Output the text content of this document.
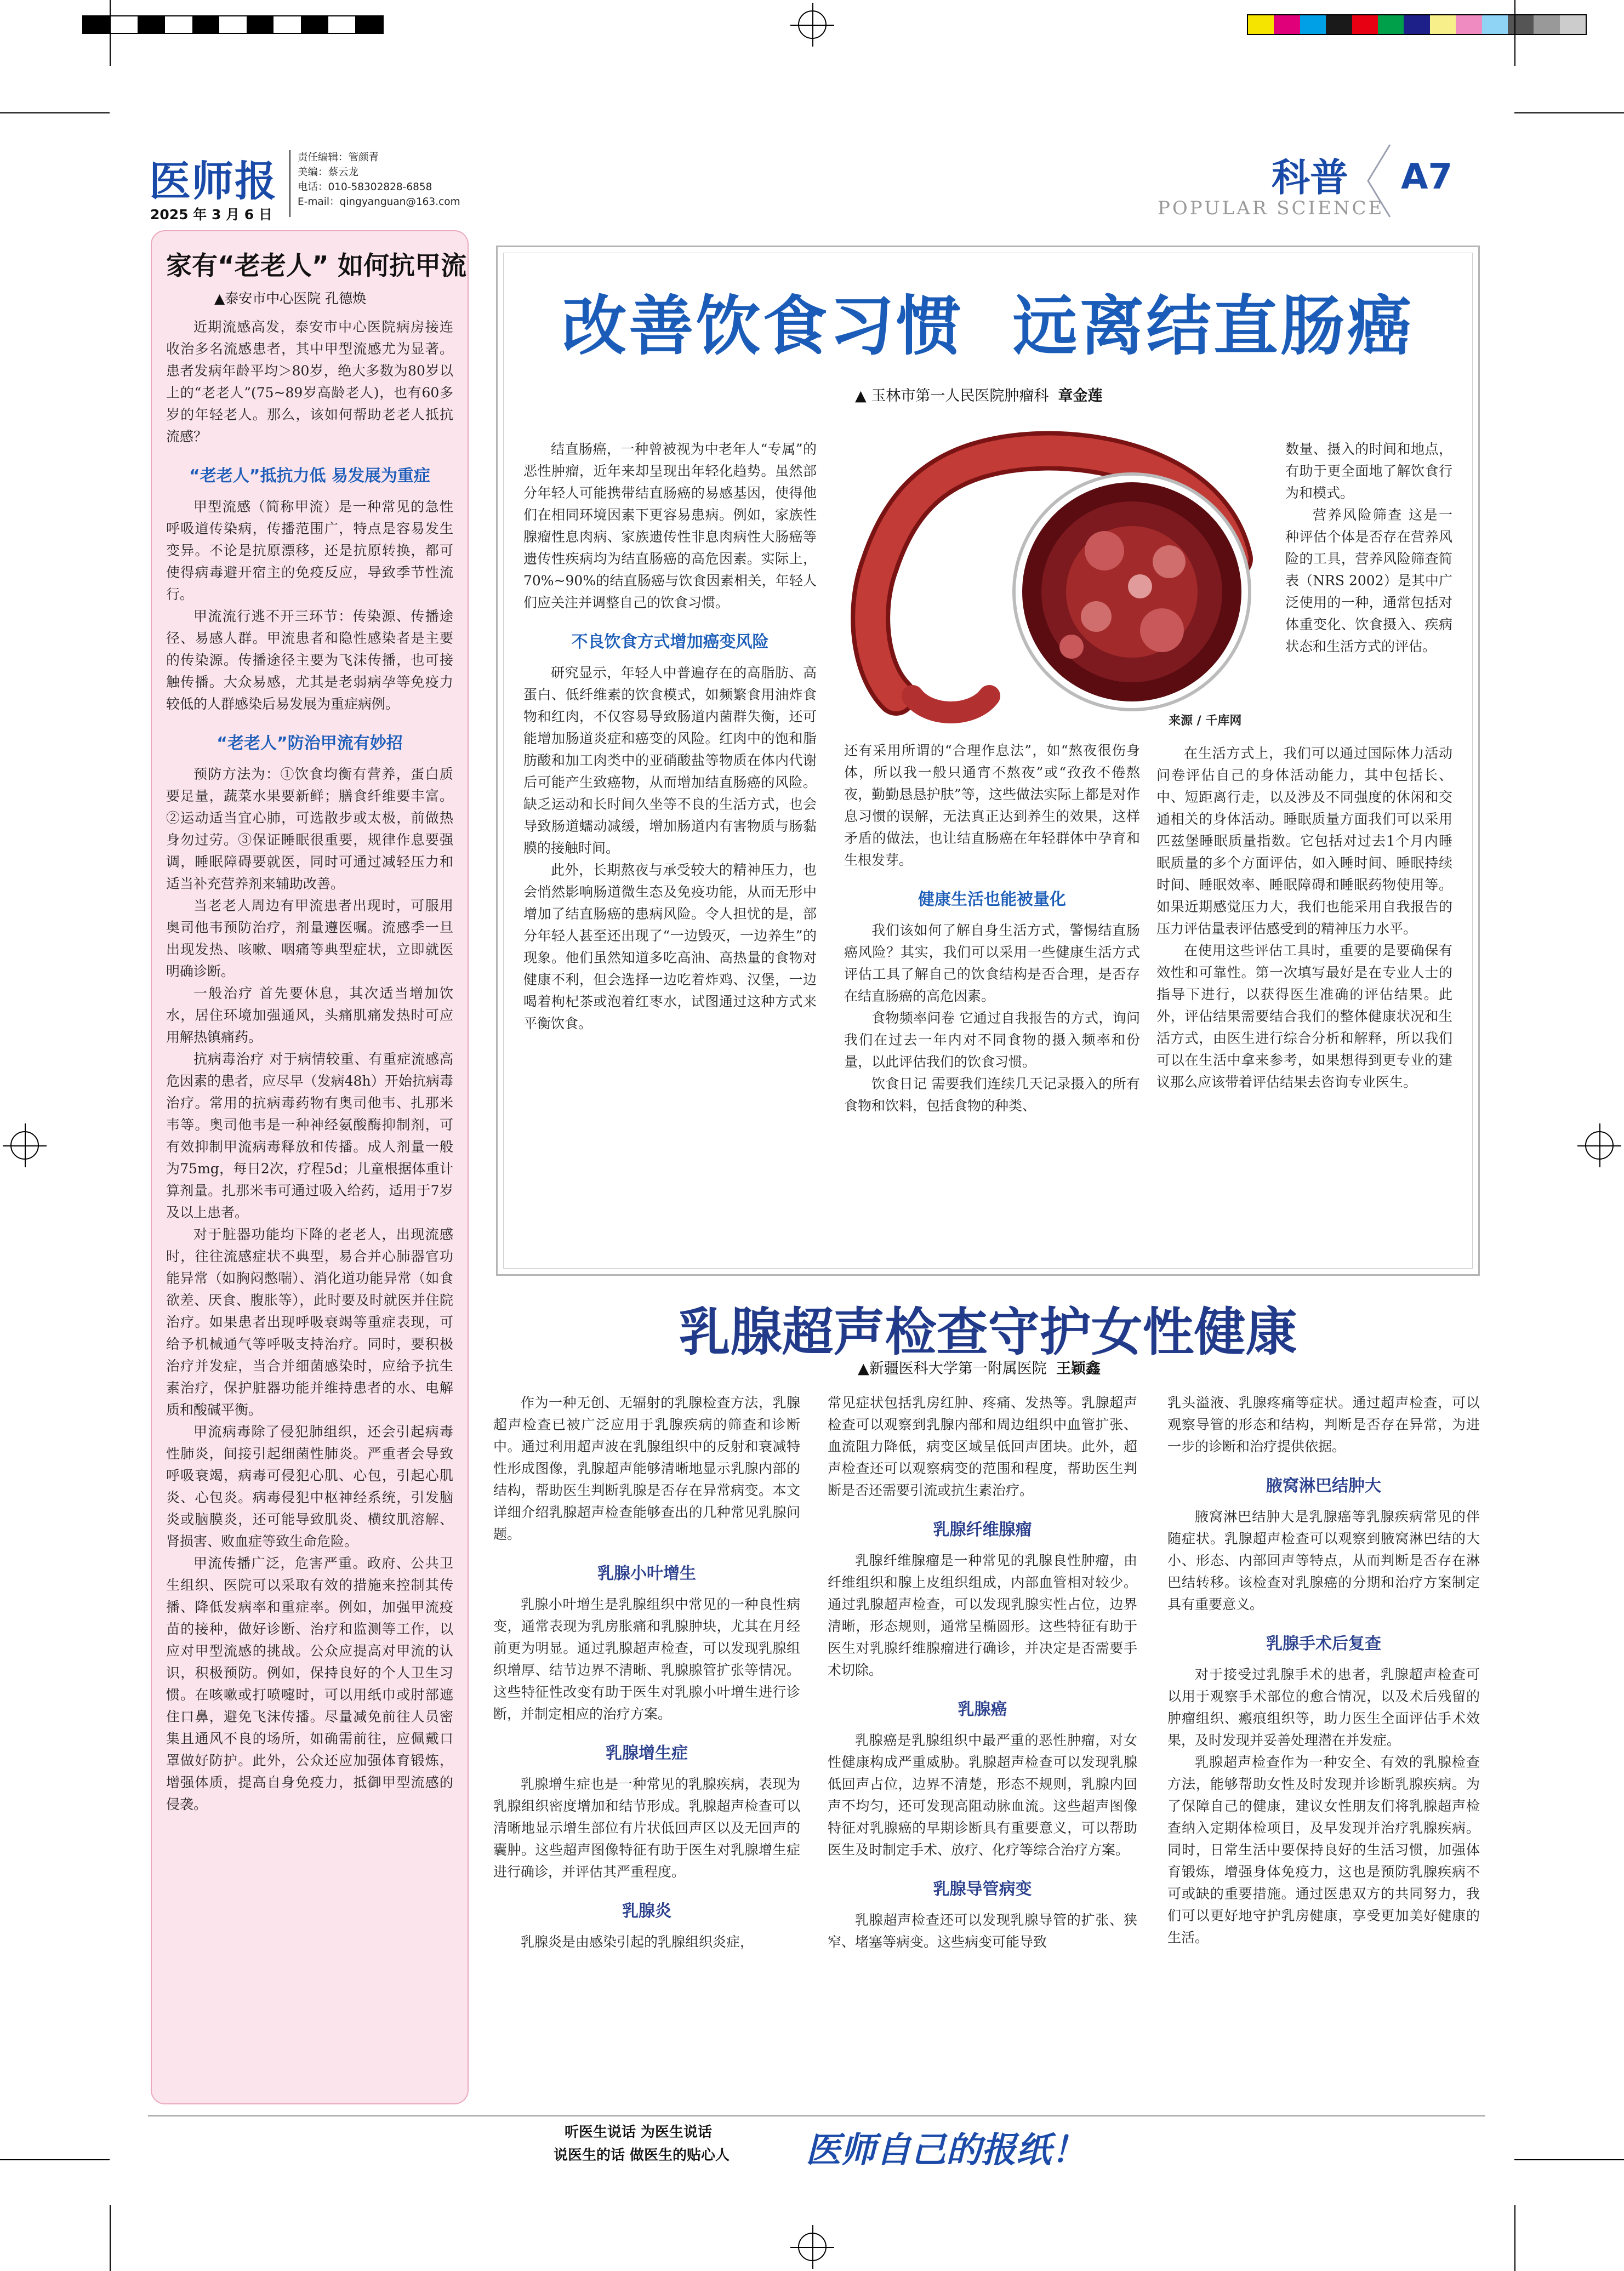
医师报
2025 年 3 月 6 日
责任编辑：管颜青
美编：蔡云龙
电话：010-58302828-6858
E-mail：qingyanguan@163.com
科普
POPULAR SCIENCE
A7
家有“老老人” 如何抗甲流
▲泰安市中心医院 孔德焕
近期流感高发，泰安市中心医院病房接连收治多名流感患者，其中甲型流感尤为显著。患者发病年龄平均＞80岁，绝大多数为80岁以上的“老老人”(75~89岁高龄老人)，也有60多岁的年轻老人。那么，该如何帮助老老人抵抗流感？
“老老人”抵抗力低 易发展为重症
甲型流感（简称甲流）是一种常见的急性呼吸道传染病，传播范围广，特点是容易发生变异。不论是抗原漂移，还是抗原转换，都可使得病毒避开宿主的免疫反应，导致季节性流行。
甲流流行逃不开三环节：传染源、传播途径、易感人群。甲流患者和隐性感染者是主要的传染源。传播途径主要为飞沫传播，也可接触传播。大众易感，尤其是老弱病孕等免疫力较低的人群感染后易发展为重症病例。
“老老人”防治甲流有妙招
预防方法为：①饮食均衡有营养，蛋白质要足量，蔬菜水果要新鲜；膳食纤维要丰富。②运动适当宜心肺，可选散步或太极，前做热身勿过劳。③保证睡眠很重要，规律作息要强调，睡眠障碍要就医，同时可通过减轻压力和适当补充营养剂来辅助改善。
当老老人周边有甲流患者出现时，可服用奥司他韦预防治疗，剂量遵医嘱。流感季一旦出现发热、咳嗽、咽痛等典型症状，立即就医明确诊断。
一般治疗 首先要休息，其次适当增加饮水，居住环境加强通风，头痛肌痛发热时可应用解热镇痛药。
抗病毒治疗 对于病情较重、有重症流感高危因素的患者，应尽早（发病48h）开始抗病毒治疗。常用的抗病毒药物有奥司他韦、扎那米韦等。奥司他韦是一种神经氨酸酶抑制剂，可有效抑制甲流病毒释放和传播。成人剂量一般为75mg，每日2次，疗程5d；儿童根据体重计算剂量。扎那米韦可通过吸入给药，适用于7岁及以上患者。
对于脏器功能均下降的老老人，出现流感时，往往流感症状不典型，易合并心肺器官功能异常（如胸闷憋喘）、消化道功能异常（如食欲差、厌食、腹胀等），此时要及时就医并住院治疗。如果患者出现呼吸衰竭等重症表现，可给予机械通气等呼吸支持治疗。同时，要积极治疗并发症，当合并细菌感染时，应给予抗生素治疗，保护脏器功能并维持患者的水、电解质和酸碱平衡。
甲流病毒除了侵犯肺组织，还会引起病毒性肺炎，间接引起细菌性肺炎。严重者会导致呼吸衰竭，病毒可侵犯心肌、心包，引起心肌炎、心包炎。病毒侵犯中枢神经系统，引发脑炎或脑膜炎，还可能导致肌炎、横纹肌溶解、肾损害、败血症等致生命危险。
甲流传播广泛，危害严重。政府、公共卫生组织、医院可以采取有效的措施来控制其传播、降低发病率和重症率。例如，加强甲流疫苗的接种，做好诊断、治疗和监测等工作，以应对甲型流感的挑战。公众应提高对甲流的认识，积极预防。例如，保持良好的个人卫生习惯。在咳嗽或打喷嚏时，可以用纸巾或肘部遮住口鼻，避免飞沫传播。尽量减免前往人员密集且通风不良的场所，如确需前往，应佩戴口罩做好防护。此外，公众还应加强体育锻炼，增强体质，提高自身免疫力，抵御甲型流感的侵袭。
改善饮食习惯  远离结直肠癌
▲ 玉林市第一人民医院肿瘤科 章金莲
来源 / 千库网
结直肠癌，一种曾被视为中老年人“专属”的恶性肿瘤，近年来却呈现出年轻化趋势。虽然部分年轻人可能携带结直肠癌的易感基因，使得他们在相同环境因素下更容易患病。例如，家族性腺瘤性息肉病、家族遗传性非息肉病性大肠癌等遗传性疾病均为结直肠癌的高危因素。实际上，70%~90%的结直肠癌与饮食因素相关，年轻人们应关注并调整自己的饮食习惯。
不良饮食方式增加癌变风险
研究显示，年轻人中普遍存在的高脂肪、高蛋白、低纤维素的饮食模式，如频繁食用油炸食物和红肉，不仅容易导致肠道内菌群失衡，还可能增加肠道炎症和癌变的风险。红肉中的饱和脂肪酸和加工肉类中的亚硝酸盐等物质在体内代谢后可能产生致癌物，从而增加结直肠癌的风险。缺乏运动和长时间久坐等不良的生活方式，也会导致肠道蠕动减缓，增加肠道内有害物质与肠黏膜的接触时间。
此外，长期熬夜与承受较大的精神压力，也会悄然影响肠道微生态及免疫功能，从而无形中增加了结直肠癌的患病风险。令人担忧的是，部分年轻人甚至还出现了“一边毁灭，一边养生”的现象。他们虽然知道多吃高油、高热量的食物对健康不利，但会选择一边吃着炸鸡、汉堡，一边喝着枸杞茶或泡着红枣水，试图通过这种方式来平衡饮食。
还有采用所谓的“合理作息法”，如“熬夜很伤身体，所以我一般只通宵不熬夜”或“孜孜不倦熬夜，勤勤恳恳护肤”等，这些做法实际上都是对作息习惯的误解，无法真正达到养生的效果，这样矛盾的做法，也让结直肠癌在年轻群体中孕育和生根发芽。
健康生活也能被量化
我们该如何了解自身生活方式，警惕结直肠癌风险？其实，我们可以采用一些健康生活方式评估工具了解自己的饮食结构是否合理，是否存在结直肠癌的高危因素。
食物频率问卷 它通过自我报告的方式，询问我们在过去一年内对不同食物的摄入频率和份量，以此评估我们的饮食习惯。
饮食日记 需要我们连续几天记录摄入的所有食物和饮料，包括食物的种类、
数量、摄入的时间和地点，有助于更全面地了解饮食行为和模式。
营养风险筛查 这是一种评估个体是否存在营养风险的工具，营养风险筛查简表（NRS 2002）是其中广泛使用的一种，通常包括对体重变化、饮食摄入、疾病状态和生活方式的评估。
在生活方式上，我们可以通过国际体力活动问卷评估自己的身体活动能力，其中包括长、中、短距离行走，以及涉及不同强度的休闲和交通相关的身体活动。睡眠质量方面我们可以采用匹兹堡睡眠质量指数。它包括对过去1个月内睡眠质量的多个方面评估，如入睡时间、睡眠持续时间、睡眠效率、睡眠障碍和睡眠药物使用等。如果近期感觉压力大，我们也能采用自我报告的压力评估量表评估感受到的精神压力水平。
在使用这些评估工具时，重要的是要确保有效性和可靠性。第一次填写最好是在专业人士的指导下进行，以获得医生准确的评估结果。此外，评估结果需要结合我们的整体健康状况和生活方式，由医生进行综合分析和解释，所以我们可以在生活中拿来参考，如果想得到更专业的建议那么应该带着评估结果去咨询专业医生。
乳腺超声检查守护女性健康
▲新疆医科大学第一附属医院 王颖鑫
作为一种无创、无辐射的乳腺检查方法，乳腺超声检查已被广泛应用于乳腺疾病的筛查和诊断中。通过利用超声波在乳腺组织中的反射和衰减特性形成图像，乳腺超声能够清晰地显示乳腺内部的结构，帮助医生判断乳腺是否存在异常病变。本文详细介绍乳腺超声检查能够查出的几种常见乳腺问题。
乳腺小叶增生
乳腺小叶增生是乳腺组织中常见的一种良性病变，通常表现为乳房胀痛和乳腺肿块，尤其在月经前更为明显。通过乳腺超声检查，可以发现乳腺组织增厚、结节边界不清晰、乳腺腺管扩张等情况。这些特征性改变有助于医生对乳腺小叶增生进行诊断，并制定相应的治疗方案。
乳腺增生症
乳腺增生症也是一种常见的乳腺疾病，表现为乳腺组织密度增加和结节形成。乳腺超声检查可以清晰地显示增生部位有片状低回声区以及无回声的囊肿。这些超声图像特征有助于医生对乳腺增生症进行确诊，并评估其严重程度。
乳腺炎
乳腺炎是由感染引起的乳腺组织炎症，
常见症状包括乳房红肿、疼痛、发热等。乳腺超声检查可以观察到乳腺内部和周边组织中血管扩张、血流阻力降低，病变区域呈低回声团块。此外，超声检查还可以观察病变的范围和程度，帮助医生判断是否还需要引流或抗生素治疗。
乳腺纤维腺瘤
乳腺纤维腺瘤是一种常见的乳腺良性肿瘤，由纤维组织和腺上皮组织组成，内部血管相对较少。通过乳腺超声检查，可以发现乳腺实性占位，边界清晰，形态规则，通常呈椭圆形。这些特征有助于医生对乳腺纤维腺瘤进行确诊，并决定是否需要手术切除。
乳腺癌
乳腺癌是乳腺组织中最严重的恶性肿瘤，对女性健康构成严重威胁。乳腺超声检查可以发现乳腺低回声占位，边界不清楚，形态不规则，乳腺内回声不均匀，还可发现高阻动脉血流。这些超声图像特征对乳腺癌的早期诊断具有重要意义，可以帮助医生及时制定手术、放疗、化疗等综合治疗方案。
乳腺导管病变
乳腺超声检查还可以发现乳腺导管的扩张、狭窄、堵塞等病变。这些病变可能导致
乳头溢液、乳腺疼痛等症状。通过超声检查，可以观察导管的形态和结构，判断是否存在异常，为进一步的诊断和治疗提供依据。
腋窝淋巴结肿大
腋窝淋巴结肿大是乳腺癌等乳腺疾病常见的伴随症状。乳腺超声检查可以观察到腋窝淋巴结的大小、形态、内部回声等特点，从而判断是否存在淋巴结转移。该检查对乳腺癌的分期和治疗方案制定具有重要意义。
乳腺手术后复查
对于接受过乳腺手术的患者，乳腺超声检查可以用于观察手术部位的愈合情况，以及术后残留的肿瘤组织、瘢痕组织等，助力医生全面评估手术效果，及时发现并妥善处理潜在并发症。
乳腺超声检查作为一种安全、有效的乳腺检查方法，能够帮助女性及时发现并诊断乳腺疾病。为了保障自己的健康，建议女性朋友们将乳腺超声检查纳入定期体检项目，及早发现并治疗乳腺疾病。同时，日常生活中要保持良好的生活习惯，加强体育锻炼，增强身体免疫力，这也是预防乳腺疾病不可或缺的重要措施。通过医患双方的共同努力，我们可以更好地守护乳房健康，享受更加美好健康的生活。
听医生说话 为医生说话
说医生的话 做医生的贴心人 医师自己的报纸！
